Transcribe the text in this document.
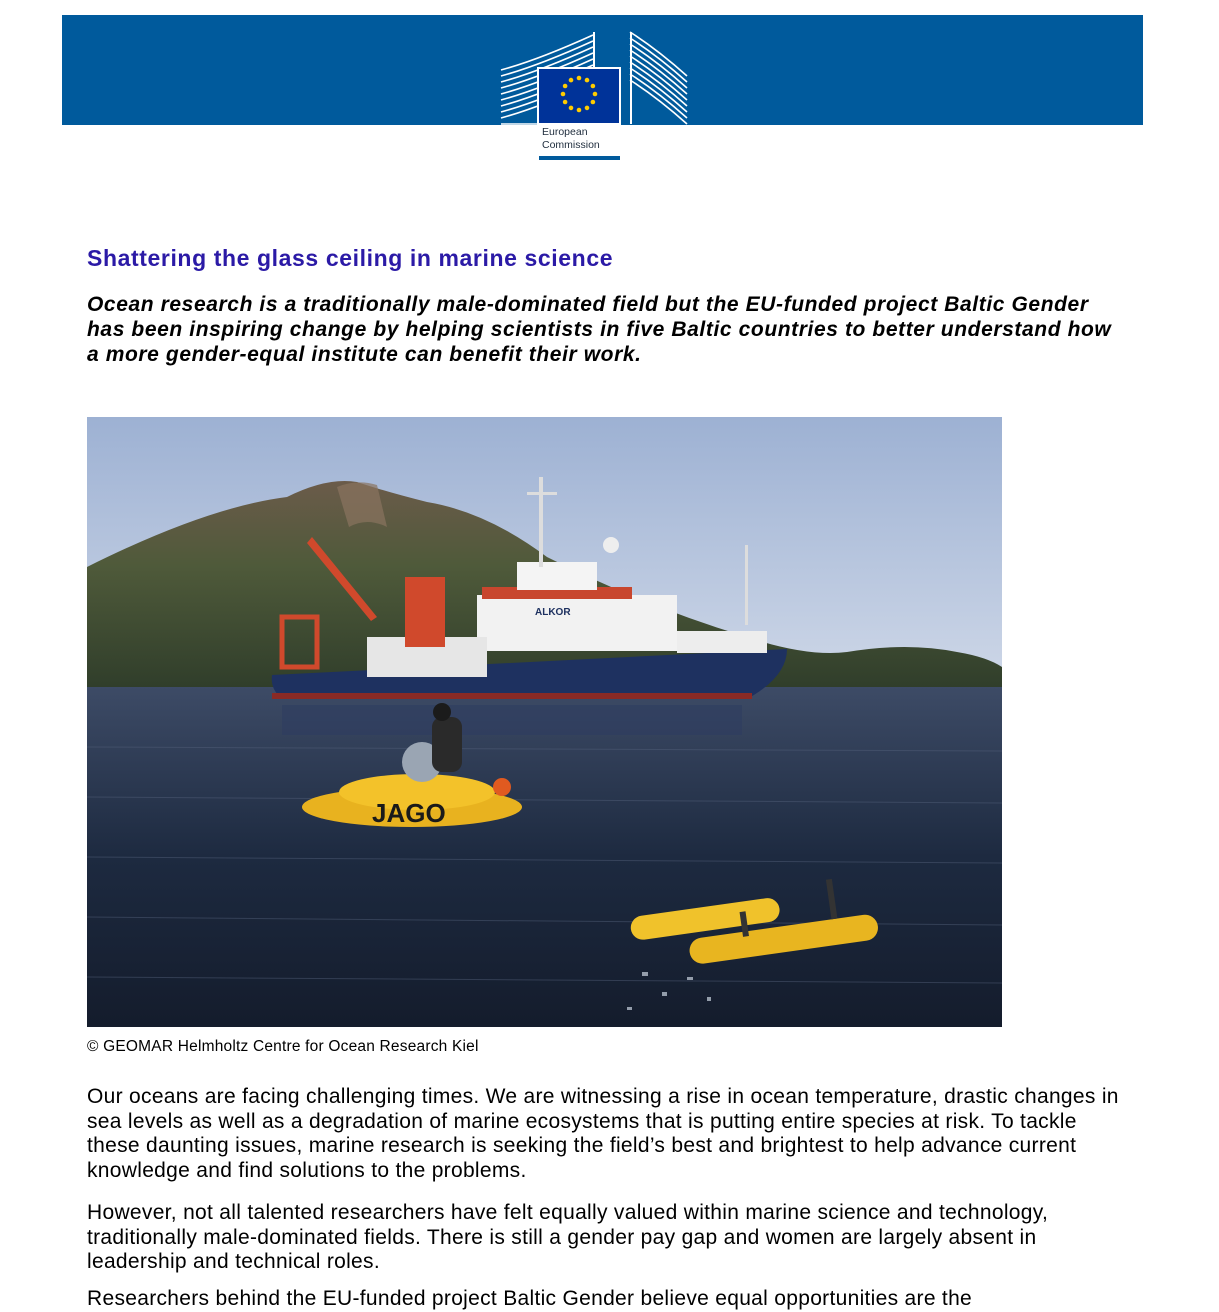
European
Commission
Shattering the glass ceiling in marine science

Ocean research is a traditionally male-dominated field but the EU-funded project Baltic Gender has been inspiring change by helping scientists in five Baltic countries to better understand how a more gender-equal institute can benefit their work.

ALKOR
JAGO
© GEOMAR Helmholtz Centre for Ocean Research Kiel

Our oceans are facing challenging times. We are witnessing a rise in ocean temperature, drastic changes in sea levels as well as a degradation of marine ecosystems that is putting entire species at risk. To tackle these daunting issues, marine research is seeking the field’s best and brightest to help advance current knowledge and find solutions to the problems.

However, not all talented researchers have felt equally valued within marine science and technology, traditionally male-dominated fields. There is still a gender pay gap and women are largely absent in leadership and technical roles.

Researchers behind the EU-funded project Baltic Gender believe equal opportunities are the
